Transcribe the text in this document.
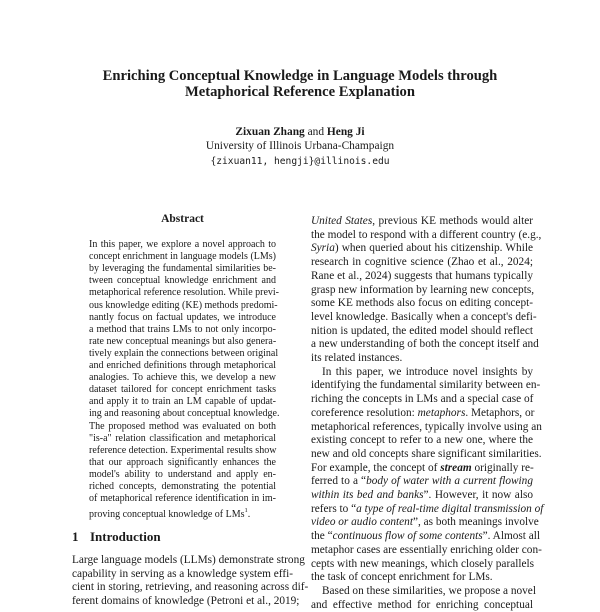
Enriching Conceptual Knowledge in Language Models through
Metaphorical Reference Explanation
Zixuan Zhang and Heng Ji
University of Illinois Urbana-Champaign
{zixuan11, hengji}@illinois.edu
Abstract
In this paper, we explore a novel approach to
concept enrichment in language models (LMs)
by leveraging the fundamental similarities be-
tween conceptual knowledge enrichment and
metaphorical reference resolution. While previ-
ous knowledge editing (KE) methods predomi-
nantly focus on factual updates, we introduce
a method that trains LMs to not only incorpo-
rate new conceptual meanings but also genera-
tively explain the connections between original
and enriched definitions through metaphorical
analogies. To achieve this, we develop a new
dataset tailored for concept enrichment tasks
and apply it to train an LM capable of updat-
ing and reasoning about conceptual knowledge.
The proposed method was evaluated on both
"is-a" relation classification and metaphorical
reference detection. Experimental results show
that our approach significantly enhances the
model's ability to understand and apply en-
riched concepts, demonstrating the potential
of metaphorical reference identification in im-
proving conceptual knowledge of LMs$^1$.
1 Introduction
Large language models (LLMs) demonstrate strong
capability in serving as a knowledge system effi-
cient in storing, retrieving, and reasoning across dif-
ferent domains of knowledge (Petroni et al., 2019;
United States, previous KE methods would alter
the model to respond with a different country (e.g.,
Syria) when queried about his citizenship. While
research in cognitive science (Zhao et al., 2024;
Rane et al., 2024) suggests that humans typically
grasp new information by learning new concepts,
some KE methods also focus on editing concept-
level knowledge. Basically when a concept's defi-
nition is updated, the edited model should reflect
a new understanding of both the concept itself and
its related instances.
In this paper, we introduce novel insights by
identifying the fundamental similarity between en-
riching the concepts in LMs and a special case of
coreference resolution: metaphors. Metaphors, or
metaphorical references, typically involve using an
existing concept to refer to a new one, where the
new and old concepts share significant similarities.
For example, the concept of stream originally re-
ferred to a “body of water with a current flowing
within its bed and banks”. However, it now also
refers to “a type of real-time digital transmission of
video or audio content”, as both meanings involve
the “continuous flow of some contents”. Almost all
metaphor cases are essentially enriching older con-
cepts with new meanings, which closely parallels
the task of concept enrichment for LMs.
Based on these similarities, we propose a novel
and effective method for enriching conceptual
